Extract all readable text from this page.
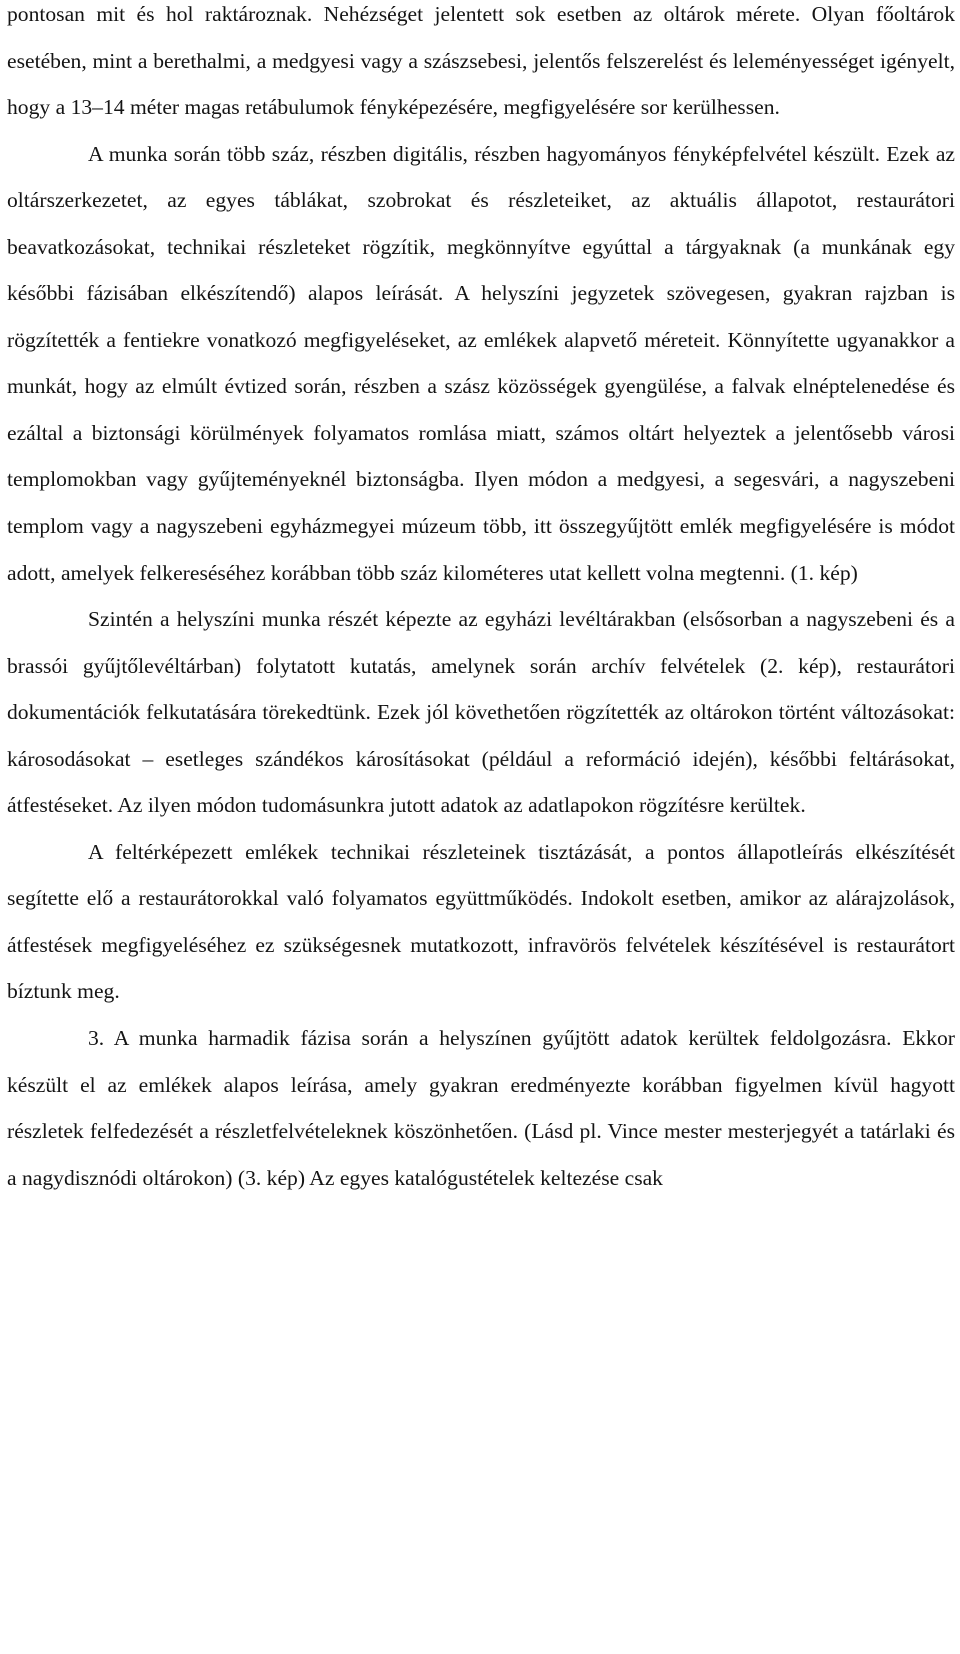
pontosan mit és hol raktároznak. Nehézséget jelentett sok esetben az oltárok mérete. Olyan főoltárok esetében, mint a berethalmi, a medgyesi vagy a szászsebesi, jelentős felszerelést és leleményességet igényelt, hogy a 13–14 méter magas retábulumok fényképezésére, megfigyelésére sor kerülhessen.

A munka során több száz, részben digitális, részben hagyományos fényképfelvétel készült. Ezek az oltárszerkezetet, az egyes táblákat, szobrokat és részleteiket, az aktuális állapotot, restaurátori beavatkozásokat, technikai részleteket rögzítik, megkönnyítve egyúttal a tárgyaknak (a munkának egy későbbi fázisában elkészítendő) alapos leírását. A helyszíni jegyzetek szövegesen, gyakran rajzban is rögzítették a fentiekre vonatkozó megfigyeléseket, az emlékek alapvető méreteit. Könnyítette ugyanakkor a munkát, hogy az elmúlt évtized során, részben a szász közösségek gyengülése, a falvak elnéptelenedése és ezáltal a biztonsági körülmények folyamatos romlása miatt, számos oltárt helyeztek a jelentősebb városi templomokban vagy gyűjteményeknél biztonságba. Ilyen módon a medgyesi, a segesvári, a nagyszebeni templom vagy a nagyszebeni egyházmegyei múzeum több, itt összegyűjtött emlék megfigyelésére is módot adott, amelyek felkereséséhez korábban több száz kilométeres utat kellett volna megtenni. (1. kép)

Szintén a helyszíni munka részét képezte az egyházi levéltárakban (elsősorban a nagyszebeni és a brassói gyűjtőlevéltárban) folytatott kutatás, amelynek során archív felvételek (2. kép), restaurátori dokumentációk felkutatására törekedtünk. Ezek jól követhetően rögzítették az oltárokon történt változásokat: károsodásokat – esetleges szándékos károsításokat (például a reformáció idején), későbbi feltárásokat, átfestéseket. Az ilyen módon tudomásunkra jutott adatok az adatlapokon rögzítésre kerültek.

A feltérképezett emlékek technikai részleteinek tisztázását, a pontos állapotleírás elkészítését segítette elő a restaurátorokkal való folyamatos együttműködés. Indokolt esetben, amikor az alárajzolások, átfestések megfigyeléséhez ez szükségesnek mutatkozott, infravörös felvételek készítésével is restaurátort bíztunk meg.

3. A munka harmadik fázisa során a helyszínen gyűjtött adatok kerültek feldolgozásra. Ekkor készült el az emlékek alapos leírása, amely gyakran eredményezte korábban figyelmen kívül hagyott részletek felfedezését a részletfelvételeknek köszönhetően. (Lásd pl. Vince mester mesterjegyét a tatárlaki és a nagydisznódi oltárokon) (3. kép) Az egyes katalógustételek keltezése csak
